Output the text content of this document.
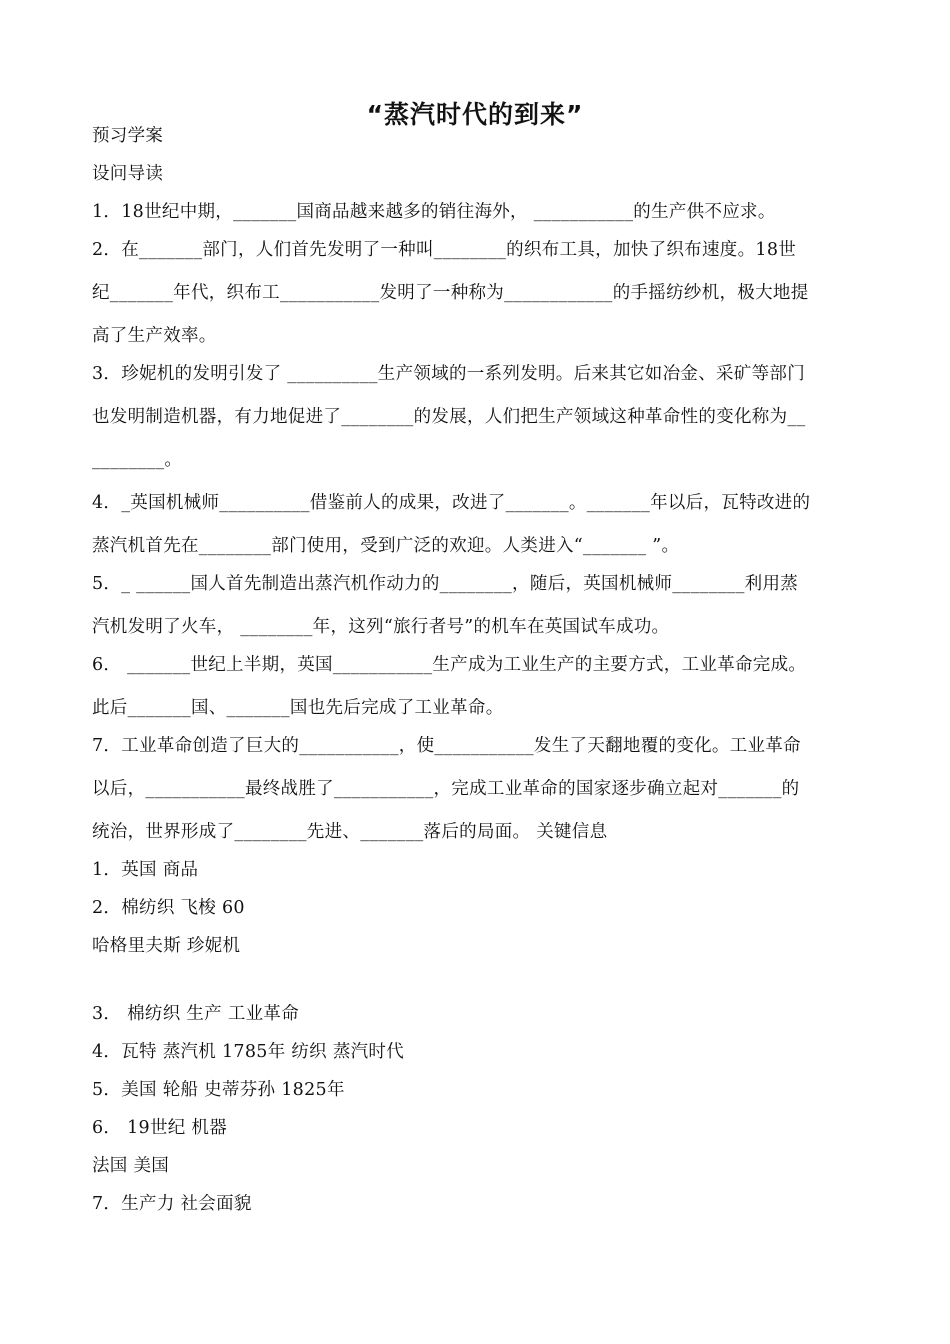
“蒸汽时代的到来”

预习学案

设问导读

1．18世纪中期，_______国商品越来越多的销往海外， ___________的生产供不应求。

2．在_______部门，人们首先发明了一种叫________的织布工具，加快了织布速度。18世

纪_______年代，织布工___________发明了一种称为____________的手摇纺纱机，极大地提

高了生产效率。

3．珍妮机的发明引发了 __________生产领域的一系列发明。后来其它如冶金、采矿等部门

也发明制造机器，有力地促进了________的发展，人们把生产领域这种革命性的变化称为__

________。

4．_英国机械师__________借鉴前人的成果，改进了_______。_______年以后，瓦特改进的

蒸汽机首先在________部门使用，受到广泛的欢迎。人类进入“_______ ”。

5．_ ______国人首先制造出蒸汽机作动力的________，随后，英国机械师________利用蒸

汽机发明了火车， ________年，这列“旅行者号”的机车在英国试车成功。

6． _______世纪上半期，英国___________生产成为工业生产的主要方式，工业革命完成。

此后_______国、_______国也先后完成了工业革命。

7．工业革命创造了巨大的___________，使___________发生了天翻地覆的变化。工业革命

以后，___________最终战胜了___________，完成工业革命的国家逐步确立起对_______的

统治，世界形成了________先进、_______落后的局面。 关键信息

1．英国 商品

2．棉纺织 飞梭 60

哈格里夫斯 珍妮机

3． 棉纺织 生产 工业革命

4．瓦特 蒸汽机 1785年 纺织 蒸汽时代

5．美国 轮船 史蒂芬孙 1825年

6． 19世纪 机器

法国 美国

7．生产力 社会面貌
